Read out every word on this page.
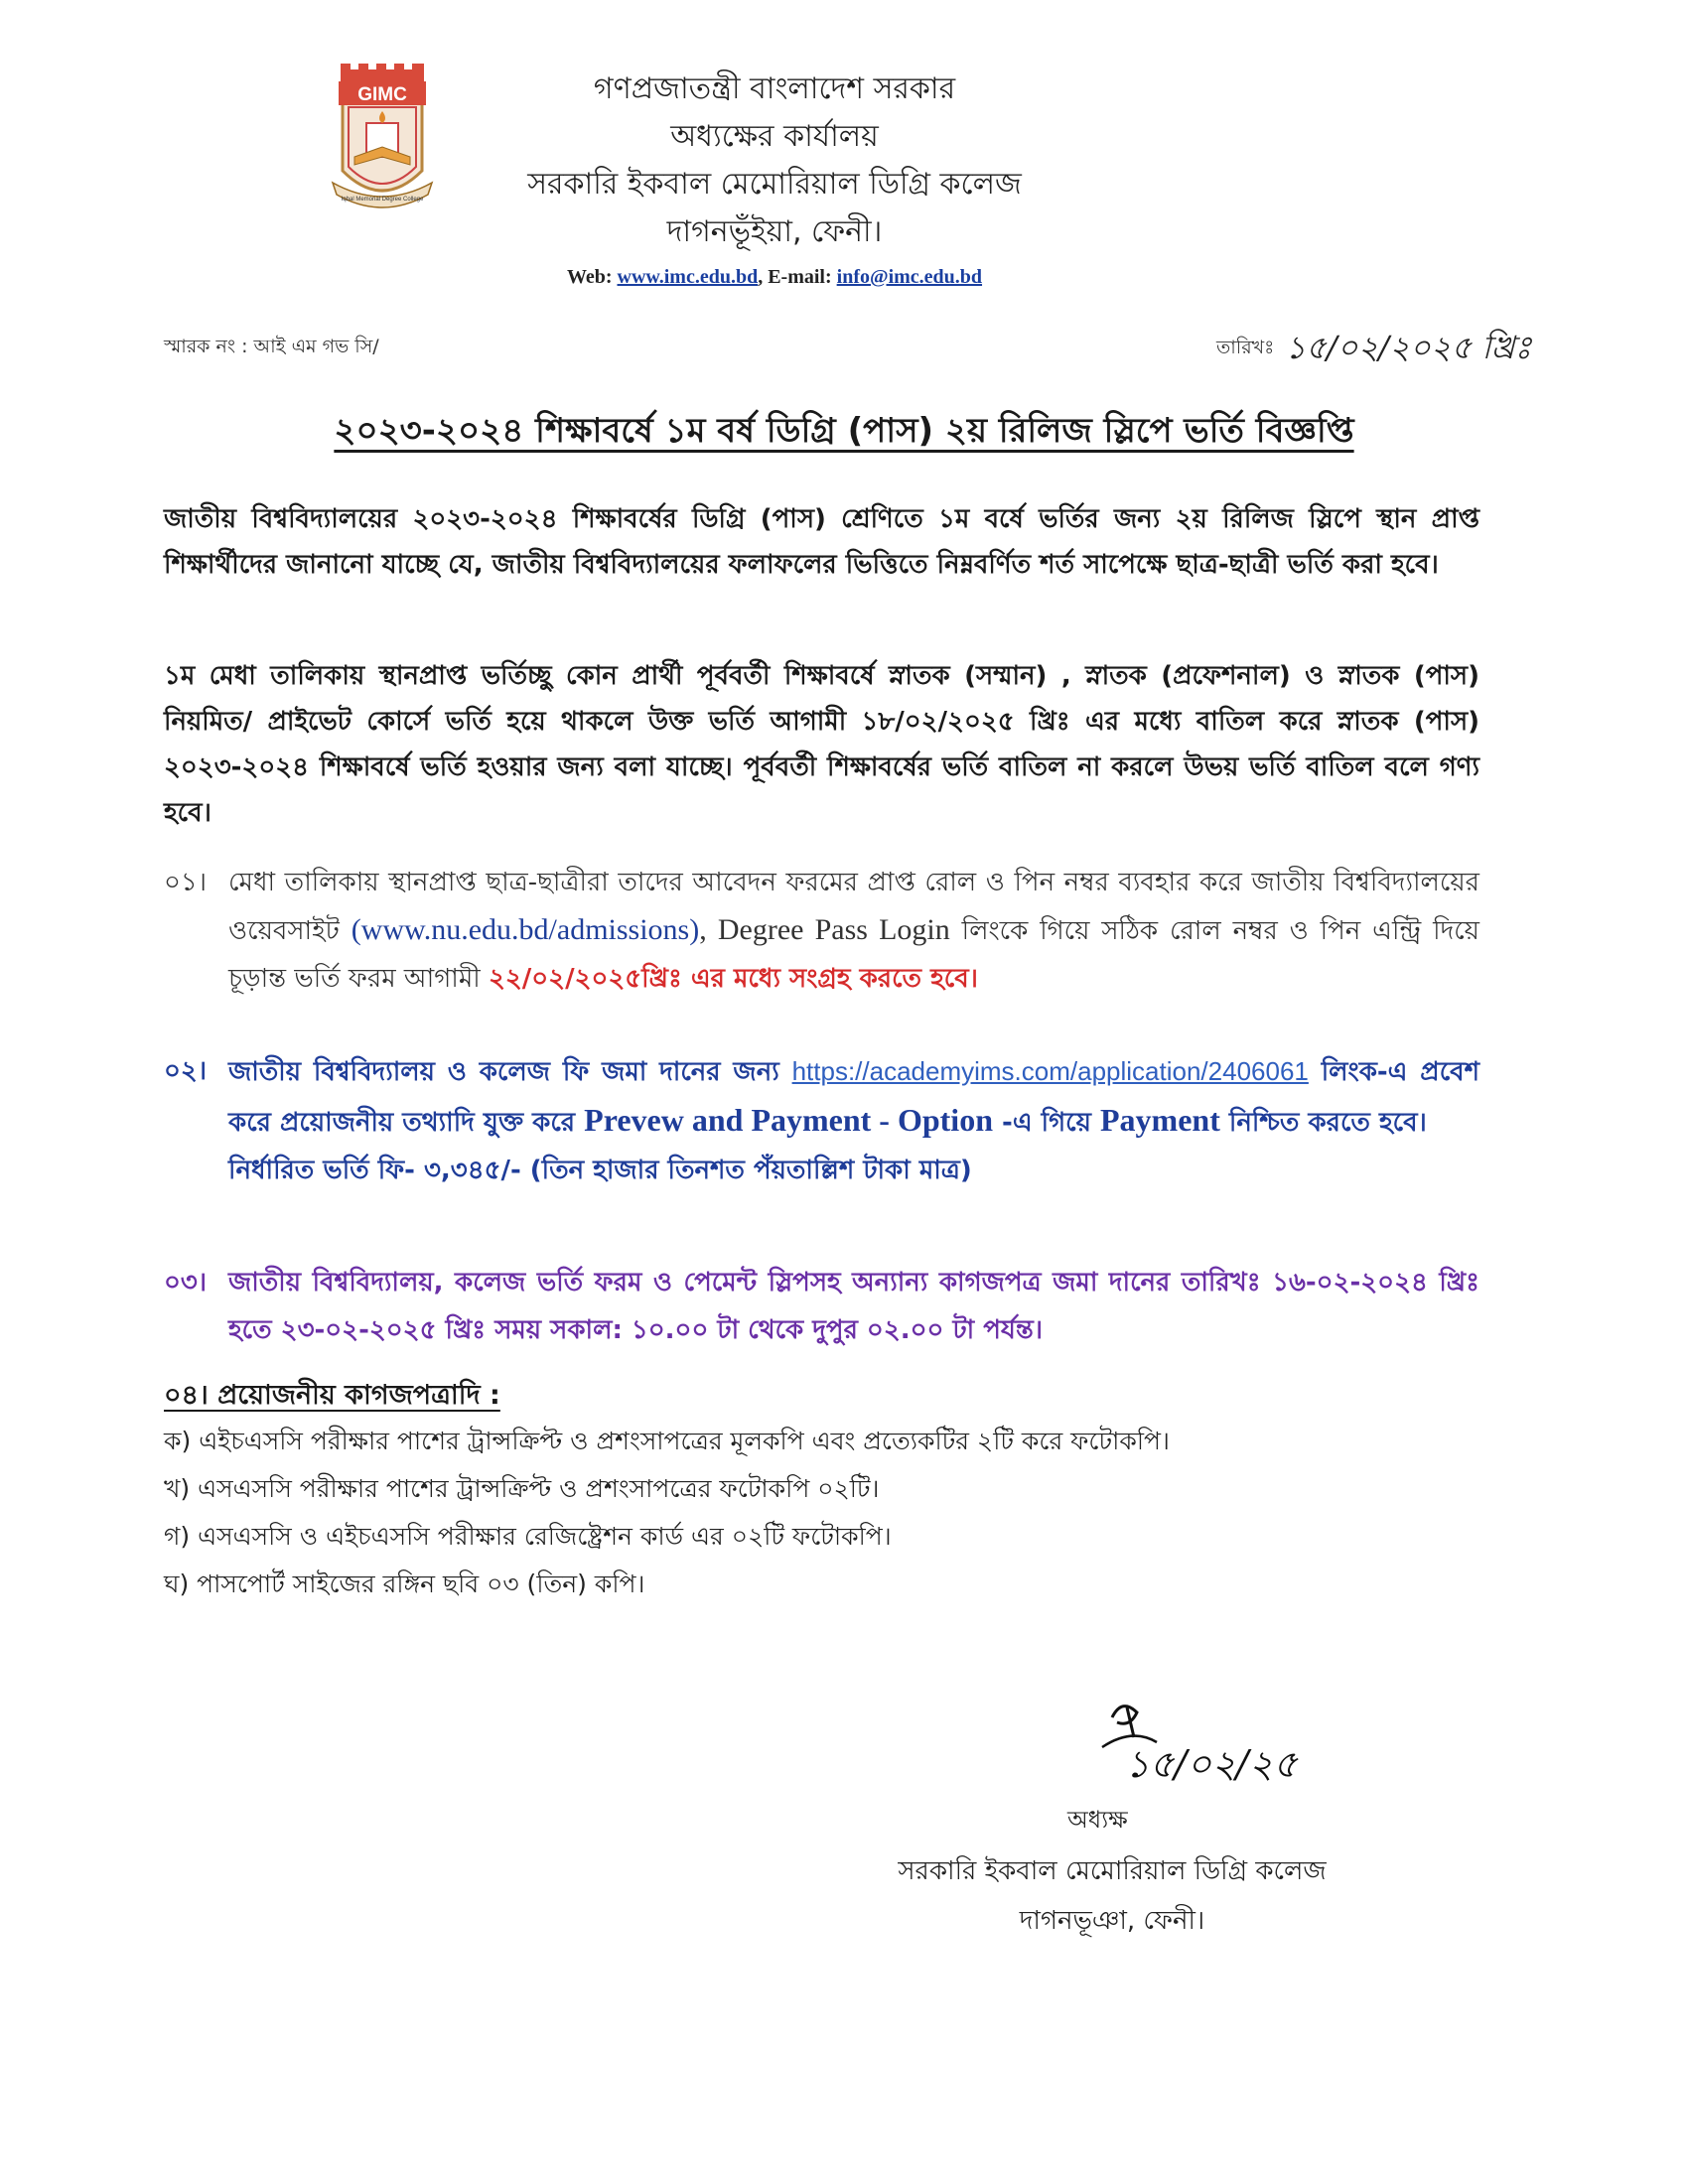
GIMC
Iqbal Memorial Degree College
গণপ্রজাতন্ত্রী বাংলাদেশ সরকার
অধ্যক্ষের কার্যালয়
সরকারি ইকবাল মেমোরিয়াল ডিগ্রি কলেজ
দাগনভূঁইয়া, ফেনী।
Web: www.imc.edu.bd, E-mail: info@imc.edu.bd
স্মারক নং : আই এম গভ সি/	তারিখঃ ১৫/০২/২০২৫ খ্রিঃ
২০২৩-২০২৪ শিক্ষাবর্ষে ১ম বর্ষ ডিগ্রি (পাস) ২য় রিলিজ স্লিপে ভর্তি বিজ্ঞপ্তি
জাতীয় বিশ্ববিদ্যালয়ের ২০২৩-২০২৪ শিক্ষাবর্ষের ডিগ্রি (পাস) শ্রেণিতে ১ম বর্ষে ভর্তির জন্য ২য় রিলিজ স্লিপে স্থান প্রাপ্ত শিক্ষার্থীদের জানানো যাচ্ছে যে, জাতীয় বিশ্ববিদ্যালয়ের ফলাফলের ভিত্তিতে নিম্নবর্ণিত শর্ত সাপেক্ষে ছাত্র-ছাত্রী ভর্তি করা হবে।
১ম মেধা তালিকায় স্থানপ্রাপ্ত ভর্তিচ্ছু কোন প্রার্থী পূর্ববর্তী শিক্ষাবর্ষে স্নাতক (সম্মান) , স্নাতক (প্রফেশনাল) ও স্নাতক (পাস) নিয়মিত/ প্রাইভেট কোর্সে ভর্তি হয়ে থাকলে উক্ত ভর্তি আগামী ১৮/০২/২০২৫ খ্রিঃ এর মধ্যে বাতিল করে স্নাতক (পাস) ২০২৩-২০২৪ শিক্ষাবর্ষে ভর্তি হওয়ার জন্য বলা যাচ্ছে। পূর্ববর্তী শিক্ষাবর্ষের ভর্তি বাতিল না করলে উভয় ভর্তি বাতিল বলে গণ্য হবে।
০১। মেধা তালিকায় স্থানপ্রাপ্ত ছাত্র-ছাত্রীরা তাদের আবেদন ফরমের প্রাপ্ত রোল ও পিন নম্বর ব্যবহার করে জাতীয় বিশ্ববিদ্যালয়ের ওয়েবসাইট (www.nu.edu.bd/admissions), Degree Pass Login লিংকে গিয়ে সঠিক রোল নম্বর ও পিন এন্ট্রি দিয়ে চূড়ান্ত ভর্তি ফরম আগামী ২২/০২/২০২৫খ্রিঃ এর মধ্যে সংগ্রহ করতে হবে।
০২। জাতীয় বিশ্ববিদ্যালয় ও কলেজ ফি জমা দানের জন্য https://academyims.com/application/2406061 লিংক-এ প্রবেশ করে প্রয়োজনীয় তথ্যাদি যুক্ত করে Prevew and Payment - Option -এ গিয়ে Payment নিশ্চিত করতে হবে।
নির্ধারিত ভর্তি ফি- ৩,৩৪৫/- (তিন হাজার তিনশত পঁয়তাল্লিশ টাকা মাত্র)
০৩। জাতীয় বিশ্ববিদ্যালয়, কলেজ ভর্তি ফরম ও পেমেন্ট স্লিপসহ অন্যান্য কাগজপত্র জমা দানের তারিখঃ ১৬-০২-২০২৪ খ্রিঃ হতে ২৩-০২-২০২৫ খ্রিঃ সময় সকাল: ১০.০০ টা থেকে দুপুর ০২.০০ টা পর্যন্ত।
০৪। প্রয়োজনীয় কাগজপত্রাদি :
ক) এইচএসসি পরীক্ষার পাশের ট্রান্সক্রিপ্ট ও প্রশংসাপত্রের মূলকপি এবং প্রত্যেকটির ২টি করে ফটোকপি।
খ) এসএসসি পরীক্ষার পাশের ট্রান্সক্রিপ্ট ও প্রশংসাপত্রের ফটোকপি ০২টি।
গ) এসএসসি ও এইচএসসি পরীক্ষার রেজিষ্ট্রেশন কার্ড এর ০২টি ফটোকপি।
ঘ) পাসপোর্ট সাইজের রঙ্গিন ছবি ০৩ (তিন) কপি।
১৫/০২/২৫
অধ্যক্ষ
সরকারি ইকবাল মেমোরিয়াল ডিগ্রি কলেজ
দাগনভূঞা, ফেনী।
